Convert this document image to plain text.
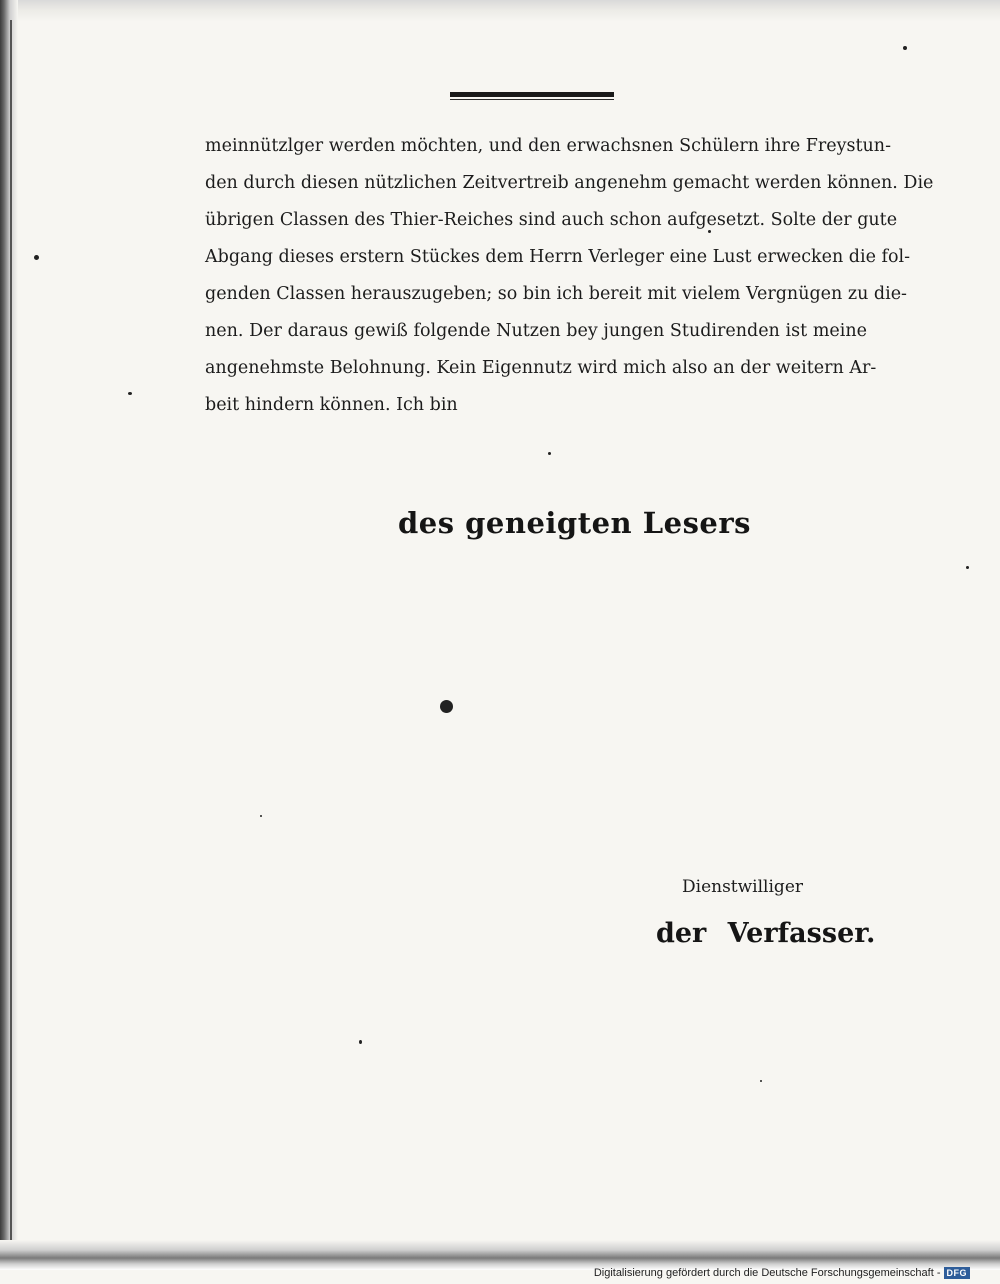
meinnützlger werden möchten, und den erwachsnen Schülern ihre Freystun-
den durch diesen nützlichen Zeitvertreib angenehm gemacht werden können. Die
übrigen Classen des Thier-Reiches sind auch schon aufgesetzt. Solte der gute
Abgang dieses erstern Stückes dem Herrn Verleger eine Lust erwecken die fol-
genden Classen herauszugeben; so bin ich bereit mit vielem Vergnügen zu die-
nen. Der daraus gewiß folgende Nutzen bey jungen Studirenden ist meine
angenehmste Belohnung. Kein Eigennutz wird mich also an der weitern Ar-
beit hindern können. Ich bin
des geneigten Lesers
Dienstwilliger
der Verfasser.
Digitalisierung gefördert durch die Deutsche Forschungsgemeinschaft - DFG
